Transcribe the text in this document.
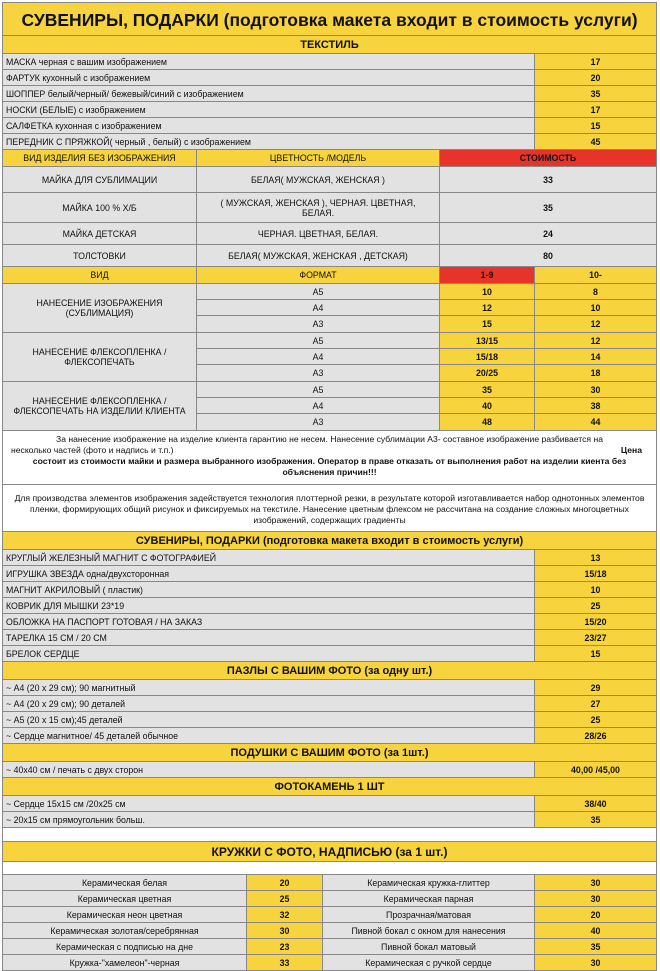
СУВЕНИРЫ, ПОДАРКИ (подготовка макета входит в стоимость услуги)
ТЕКСТИЛЬ
МАСКА черная с вашим изображением	17
ФАРТУК кухонный с изображением	20
ШОППЕР белый/черный/ бежевый/синий с изображением	35
НОСКИ (БЕЛЫЕ) с изображением	17
САЛФЕТКА кухонная с изображением	15
ПЕРЕДНИК С ПРЯЖКОЙ( черный , белый) с изображением	45
ВИД ИЗДЕЛИЯ БЕЗ ИЗОБРАЖЕНИЯ	ЦВЕТНОСТЬ /МОДЕЛЬ	СТОИМОСТЬ
МАЙКА ДЛЯ СУБЛИМАЦИИ	БЕЛАЯ( МУЖСКАЯ, ЖЕНСКАЯ )	33
МАЙКА 100 % Х/Б	( МУЖСКАЯ, ЖЕНСКАЯ ), ЧЕРНАЯ. ЦВЕТНАЯ, БЕЛАЯ.	35
МАЙКА ДЕТСКАЯ	ЧЕРНАЯ. ЦВЕТНАЯ, БЕЛАЯ.	24
ТОЛСТОВКИ	БЕЛАЯ( МУЖСКАЯ, ЖЕНСКАЯ , ДЕТСКАЯ)	80
ВИД	ФОРМАТ	1-9	10-
НАНЕСЕНИЕ ИЗОБРАЖЕНИЯ (СУБЛИМАЦИЯ)
А5	10	8
А4	12	10
А3	15	12
НАНЕСЕНИЕ ФЛЕКСОПЛЕНКА /ФЛЕКСОПЕЧАТЬ
А5	13/15	12
А4	15/18	14
А3	20/25	18
НАНЕСЕНИЕ ФЛЕКСОПЛЕНКА /ФЛЕКСОПЕЧАТЬ НА ИЗДЕЛИИ КЛИЕНТА
А5	35	30
А4	40	38
А3	48	44
За нанесение изображение на изделие клиента гарантию не несем. Нанесение сублимации А3- составное изображение разбивается на
несколько частей (фото и надпись и т.п.)	Цена
состоит из стоимости майки и размера выбранного изображения. Оператор в праве отказать от выполнения работ на изделии киента без объяснения причин!!!
Для производства элементов изображения задействуется технология плоттерной резки, в результате которой изготавливается набор однотонных элементов пленки, формирующих общий рисунок и фиксируемых на текстиле. Нанесение цветным флексом не рассчитана на создание сложных многоцветных изображений, содержащих градиенты
СУВЕНИРЫ, ПОДАРКИ (подготовка макета входит в стоимость услуги)
КРУГЛЫЙ ЖЕЛЕЗНЫЙ МАГНИТ С ФОТОГРАФИЕЙ	13
ИГРУШКА ЗВЕЗДА одна/двухсторонная	15/18
МАГНИТ АКРИЛОВЫЙ ( пластик)	10
КОВРИК ДЛЯ МЫШКИ 23*19	25
ОБЛОЖКА НА ПАСПОРТ ГОТОВАЯ / НА ЗАКАЗ	15/20
ТАРЕЛКА 15 СМ / 20 СМ	23/27
БРЕЛОК СЕРДЦЕ	15
ПАЗЛЫ С ВАШИМ ФОТО (за одну шт.)
~ А4 (20 х 29 см); 90 магнитный	29
~ А4 (20 х 29 см); 90 деталей	27
~ А5 (20 х 15 см);45 деталей	25
~ Сердце магнитное/ 45 деталей обычное	28/26
ПОДУШКИ С ВАШИМ ФОТО (за 1шт.)
~ 40х40 см / печать с двух сторон	40,00 /45,00
ФОТОКАМЕНЬ 1 ШТ
~ Сердце 15х15 см /20х25 см	38/40
~ 20х15 см прямоугольник больш.	35
КРУЖКИ С ФОТО, НАДПИСЬЮ (за 1 шт.)
Керамическая белая	20	Керамическая кружка-глиттер	30
Керамическая цветная	25	Керамическая парная	30
Керамическая неон цветная	32	Прозрачная/матовая	20
Керамическая золотая/серебрянная	30	Пивной бокал с окном для нанесения	40
Керамическая с подписью на дне	23	Пивной бокал матовый	35
Кружка-"хамелеон"-черная	33	Керамическая с ручкой сердце	30
